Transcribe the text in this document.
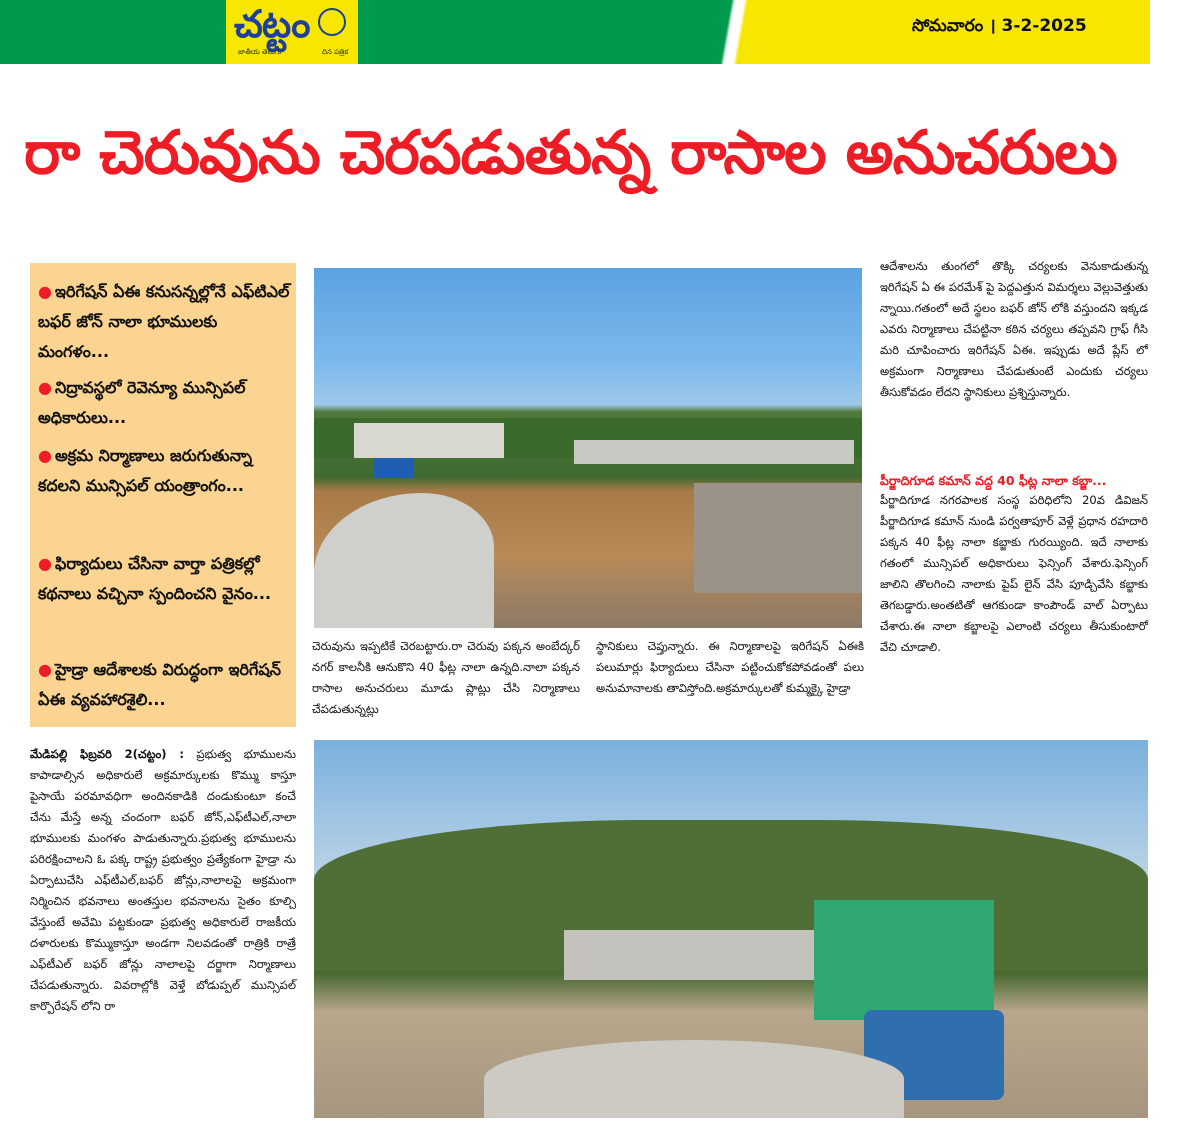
చట్టం
జాతీయ తెలుగు	దిన పత్రిక
సోమవారం । 3-2-2025
రా చెరువును చెరపడుతున్న రాసాల అనుచరులు
● ఇరిగేషన్ ఏఈ కనుసన్నల్లోనే ఎఫ్‌టిఎల్ బఫర్ జోన్ నాలా భూములకు మంగళం...
● నిద్రావస్థలో రెవెన్యూ మున్సిపల్ అధికారులు...
● అక్రమ నిర్మాణాలు జరుగుతున్నా కదలని మున్సిపల్ యంత్రాంగం...
● ఫిర్యాదులు చేసినా వార్తా పత్రికల్లో కథనాలు వచ్చినా స్పందించని వైనం...
● హైడ్రా ఆదేశాలకు విరుద్ధంగా ఇరిగేషన్ ఏఈ వ్యవహారశైలి...
చెరువును ఇప్పటికే చెరబట్టారు.రా చెరువు పక్కన అంబేద్కర్ నగర్ కాలనీకి ఆనుకొని 40 ఫీట్ల నాలా ఉన్నది.నాలా పక్కన రాసాల అనుచరులు మూడు ప్లాట్లు చేసి నిర్మాణాలు చేపడుతున్నట్లు
స్థానికులు చెప్తున్నారు. ఈ నిర్మాణాలపై ఇరిగేషన్ ఏఈకి పలుమార్లు ఫిర్యాదులు చేసినా పట్టించుకోకపోవడంతో పలు అనుమానాలకు తావిస్తోంది.అక్రమార్కులతో కుమ్మక్కై హైడ్రా
ఆదేశాలను తుంగలో తొక్కి చర్యలకు వెనుకాడుతున్న ఇరిగేషన్ ఏ ఈ పరమేశ్ పై పెద్దఎత్తున విమర్శలు వెల్లువెత్తుతు న్నాయి.గతంలో అదే స్థలం బఫర్ జోన్ లోకి వస్తుందని ఇక్కడ ఎవరు నిర్మాణాలు చేపట్టినా కఠిన చర్యలు తప్పవని గ్రాఫ్ గీసి మరి చూపించారు ఇరిగేషన్ ఏఈ. ఇప్పుడు అదే ప్లేస్ లో అక్రమంగా నిర్మాణాలు చేపడుతుంటే ఎందుకు చర్యలు తీసుకోవడం లేదని స్థానికులు ప్రశ్నిస్తున్నారు.
పీర్జాదిగూడ కమాన్ వద్ద 40 ఫీట్ల నాలా కబ్జా...
పీర్జాదిగూడ నగరపాలక సంస్థ పరిధిలోని 20వ డివిజన్ పీర్జాదిగూడ కమాన్ నుండి పర్వతాపూర్ వెళ్లే ప్రధాన రహదారి పక్కన 40 ఫీట్ల నాలా కబ్జాకు గురయ్యింది. ఇదే నాలాకు గతంలో మున్సిపల్ అధికారులు ఫెన్సింగ్ వేశారు.ఫెన్సింగ్ జాలిని తొలగించి నాలాకు పైప్ లైన్ వేసి పూడ్చివేసి కబ్జాకు తెగబడ్డారు.అంతటితో ఆగకుండా కాంపౌండ్ వాల్ ఏర్పాటు చేశారు.ఈ నాలా కబ్జాలపై ఎలాంటి చర్యలు తీసుకుంటారో వేచి చూడాలి.
మేడిపల్లి ఫిబ్రవరి 2(చట్టం) : ప్రభుత్వ భూములను కాపాడాల్సిన అధికారులే అక్రమార్కులకు కొమ్ము కాస్తూ పైసాయే పరమావధిగా అందినకాడికి దండుకుంటూ కంచే చేను మేస్తే అన్న చందంగా బఫర్ జోన్,ఎఫ్‌టీఎల్,నాలా భూములకు మంగళం పాడుతున్నారు.ప్రభుత్వ భూములను పరిరక్షించాలని ఓ పక్క రాష్ట్ర ప్రభుత్వం ప్రత్యేకంగా హైడ్రా ను ఏర్పాటుచేసి ఎఫ్‌టీఎల్,బఫర్ జోన్లు,నాలాలపై అక్రమంగా నిర్మించిన భవనాలు అంతస్తుల భవనాలను సైతం కూల్చి వేస్తుంటే అవేమి పట్టకుండా ప్రభుత్వ అధికారులే రాజకీయ దళారులకు కొమ్ముకాస్తూ అండగా నిలవడంతో రాత్రికి రాత్రే ఎఫ్‌టీఎల్ బఫర్ జోన్లు నాలాలపై దర్జాగా నిర్మాణాలు చేపడుతున్నారు. వివరాల్లోకి వెళ్తే బోడుప్పల్ మున్సిపల్ కార్పొరేషన్ లోని రా
